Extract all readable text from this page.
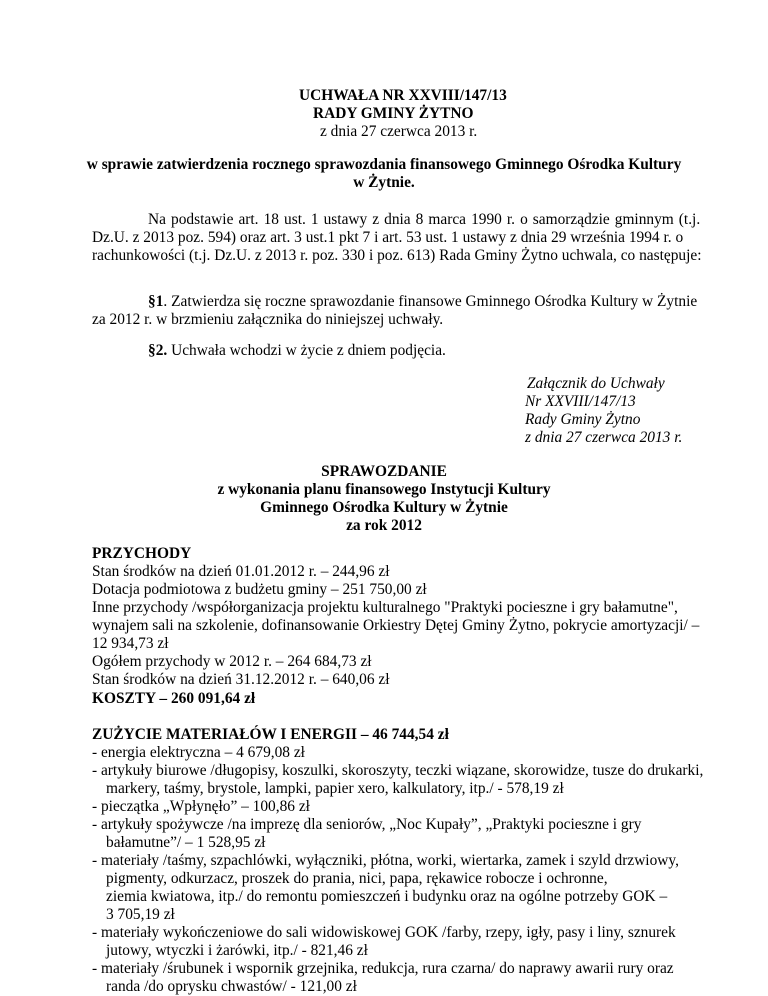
UCHWAŁA NR XXVIII/147/13
RADY GMINY ŻYTNO
z dnia 27 czerwca 2013 r.
w sprawie zatwierdzenia rocznego sprawozdania finansowego Gminnego Ośrodka Kultury
w Żytnie.
Na podstawie art. 18 ust. 1 ustawy z dnia 8 marca 1990 r. o samorządzie gminnym (t.j.
Dz.U. z 2013 poz. 594) oraz art. 3 ust.1 pkt 7 i art. 53 ust. 1 ustawy z dnia 29 września 1994 r. o
rachunkowości (t.j. Dz.U. z 2013 r. poz. 330 i poz. 613) Rada Gminy Żytno uchwala, co następuje:
§1. Zatwierdza się roczne sprawozdanie finansowe Gminnego Ośrodka Kultury w Żytnie
za 2012 r. w brzmieniu załącznika do niniejszej uchwały.
§2. Uchwała wchodzi w życie z dniem podjęcia.
Załącznik do Uchwały
Nr XXVIII/147/13
Rady Gminy Żytno
z dnia 27 czerwca 2013 r.
SPRAWOZDANIE
z wykonania planu finansowego Instytucji Kultury
Gminnego Ośrodka Kultury w Żytnie
za rok 2012
PRZYCHODY
Stan środków na dzień 01.01.2012 r. – 244,96 zł
Dotacja podmiotowa z budżetu gminy – 251 750,00 zł
Inne przychody /współorganizacja projektu kulturalnego "Praktyki pocieszne i gry bałamutne",
wynajem sali na szkolenie, dofinansowanie Orkiestry Dętej Gminy Żytno, pokrycie amortyzacji/ –
12 934,73 zł
Ogółem przychody w 2012 r. – 264 684,73 zł
Stan środków na dzień 31.12.2012 r. – 640,06 zł
KOSZTY – 260 091,64 zł
ZUŻYCIE MATERIAŁÓW I ENERGII – 46 744,54 zł
- energia elektryczna – 4 679,08 zł
- artykuły biurowe /długopisy, koszulki, skoroszyty, teczki wiązane, skorowidze, tusze do drukarki,
markery, taśmy, brystole, lampki, papier xero, kalkulatory, itp./ - 578,19 zł
- pieczątka „Wpłynęło” – 100,86 zł
- artykuły spożywcze /na imprezę dla seniorów, „Noc Kupały”, „Praktyki pocieszne i gry
bałamutne”/ – 1 528,95 zł
- materiały /taśmy, szpachlówki, wyłączniki, płótna, worki, wiertarka, zamek i szyld drzwiowy,
pigmenty, odkurzacz, proszek do prania, nici, papa, rękawice robocze i ochronne,
ziemia kwiatowa, itp./ do remontu pomieszczeń i budynku oraz na ogólne potrzeby GOK –
3 705,19 zł
- materiały wykończeniowe do sali widowiskowej GOK /farby, rzepy, igły, pasy i liny, sznurek
jutowy, wtyczki i żarówki, itp./ - 821,46 zł
- materiały /śrubunek i wspornik grzejnika, redukcja, rura czarna/ do naprawy awarii rury oraz
randa /do oprysku chwastów/ - 121,00 zł
